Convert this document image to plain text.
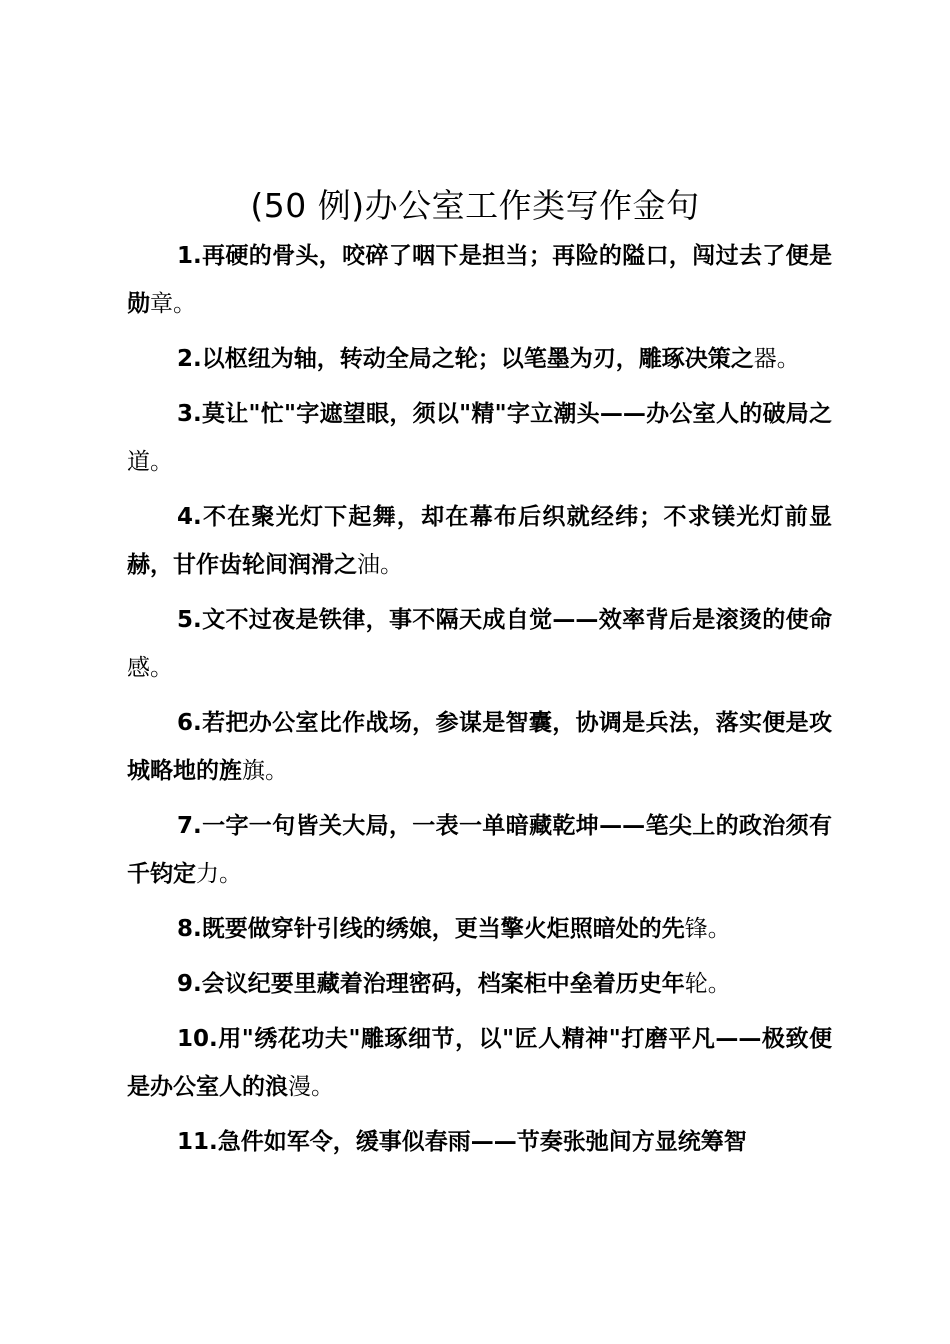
(50 例)办公室工作类写作金句

1.再硬的骨头，咬碎了咽下是担当；再险的隘口，闯过去了便是勋章。

2.以枢纽为轴，转动全局之轮；以笔墨为刃，雕琢决策之器。

3.莫让"忙"字遮望眼，须以"精"字立潮头——办公室人的破局之道。

4.不在聚光灯下起舞，却在幕布后织就经纬；不求镁光灯前显赫，甘作齿轮间润滑之油。

5.文不过夜是铁律，事不隔天成自觉——效率背后是滚烫的使命感。

6.若把办公室比作战场，参谋是智囊，协调是兵法，落实便是攻城略地的旌旗。

7.一字一句皆关大局，一表一单暗藏乾坤——笔尖上的政治须有千钧定力。

8.既要做穿针引线的绣娘，更当擎火炬照暗处的先锋。

9.会议纪要里藏着治理密码，档案柜中垒着历史年轮。

10.用"绣花功夫"雕琢细节，以"匠人精神"打磨平凡——极致便是办公室人的浪漫。

11.急件如军令，缓事似春雨——节奏张弛间方显统筹智
